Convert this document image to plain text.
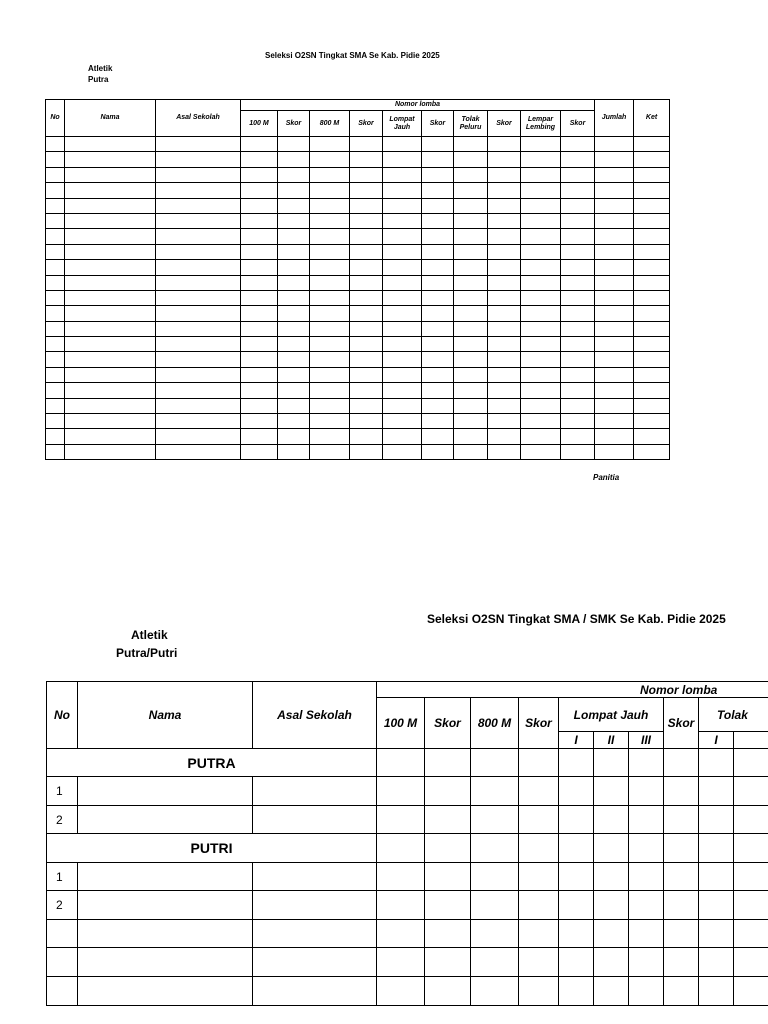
Seleksi O2SN Tingkat SMA Se Kab. Pidie 2025
Atletik
Putra
No	Nama	Asal Sekolah	Nomor lomba										Jumlah	Ket
			100 M	Skor	800 M	Skor	Lompat Jauh	Skor	Tolak Peluru	Skor	Lempar Lembing	Skor		

Panitia
Seleksi O2SN Tingkat SMA / SMK Se Kab. Pidie 2025
Atletik
Putra/Putri
No	Nama	Asal Sekolah	Nomor lomba										
			100 M	Skor	800 M	Skor	Lompat Jauh			Skor	Tolak		
							I	II	III		I		
PUTRA													
1													
2													
PUTRI													
1													
2													
